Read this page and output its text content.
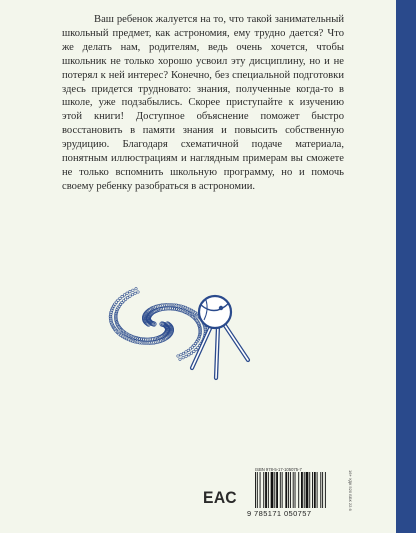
Ваш ребенок жалуется на то, что такой занимательный школьный предмет, как астрономия, ему трудно дается? Что же делать нам, родителям, ведь очень хочется, чтобы школьник не только хорошо усвоил эту дисциплину, но и не потерял к ней интерес? Конечно, без специальной подготовки здесь придется трудновато: знания, полученные когда-то в школе, уже подзабылись. Скорее приступайте к изучению этой книги! Доступное объяснение поможет быстро восстановить в памяти знания и повысить собственную эрудицию. Благодаря схематичной подаче материала, понятным иллюстрациям и наглядным примерам вы сможете не только вспомнить школьную программу, но и помочь своему ребенку разобраться в астрономии.

ISBN 978-5-17-105075-7
9 785171 050757
ЕАС	16+ УДК 520 ББК 22.6
